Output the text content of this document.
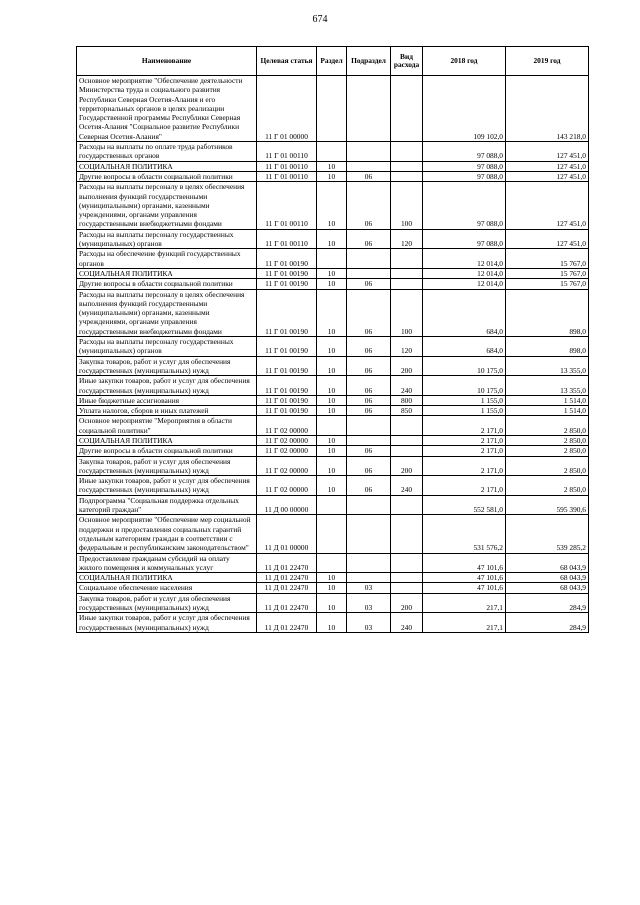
674
Наименование	Целевая статья	Раздел	Подраздел	Вид расхода	2018 год	2019 год
Основное мероприятие "Обеспечение деятельности Министерства труда и социального развития Республики Северная Осетия-Алания и его территориальных органов в целях реализации Государственной программы Республики Северная Осетия-Алания "Социальное развитие Республики Северная Осетия-Алания"	11 Г 01 00000				109 102,0	143 218,0
Расходы на выплаты по оплате труда работников государственных органов	11 Г 01 00110				97 088,0	127 451,0
СОЦИАЛЬНАЯ ПОЛИТИКА	11 Г 01 00110	10			97 088,0	127 451,0
Другие вопросы в области социальной политики	11 Г 01 00110	10	06		97 088,0	127 451,0
Расходы на выплаты персоналу в целях обеспечения выполнения функций государственными (муниципальными) органами, казенными учреждениями, органами управления государственными внебюджетными фондами	11 Г 01 00110	10	06	100	97 088,0	127 451,0
Расходы на выплаты персоналу государственных (муниципальных) органов	11 Г 01 00110	10	06	120	97 088,0	127 451,0
Расходы на обеспечение функций государственных органов	11 Г 01 00190				12 014,0	15 767,0
СОЦИАЛЬНАЯ ПОЛИТИКА	11 Г 01 00190	10			12 014,0	15 767,0
Другие вопросы в области социальной политики	11 Г 01 00190	10	06		12 014,0	15 767,0
Расходы на выплаты персоналу в целях обеспечения выполнения функций государственными (муниципальными) органами, казенными учреждениями, органами управления государственными внебюджетными фондами	11 Г 01 00190	10	06	100	684,0	898,0
Расходы на выплаты персоналу государственных (муниципальных) органов	11 Г 01 00190	10	06	120	684,0	898,0
Закупка товаров, работ и услуг для обеспечения государственных (муниципальных) нужд	11 Г 01 00190	10	06	200	10 175,0	13 355,0
Иные закупки товаров, работ и услуг для обеспечения государственных (муниципальных) нужд	11 Г 01 00190	10	06	240	10 175,0	13 355,0
Иные бюджетные ассигнования	11 Г 01 00190	10	06	800	1 155,0	1 514,0
Уплата налогов, сборов и иных платежей	11 Г 01 00190	10	06	850	1 155,0	1 514,0
Основное мероприятие "Мероприятия в области социальной политики"	11 Г 02 00000				2 171,0	2 850,0
СОЦИАЛЬНАЯ ПОЛИТИКА	11 Г 02 00000	10			2 171,0	2 850,0
Другие вопросы в области социальной политики	11 Г 02 00000	10	06		2 171,0	2 850,0
Закупка товаров, работ и услуг для обеспечения государственных (муниципальных) нужд	11 Г 02 00000	10	06	200	2 171,0	2 850,0
Иные закупки товаров, работ и услуг для обеспечения государственных (муниципальных) нужд	11 Г 02 00000	10	06	240	2 171,0	2 850,0
Подпрограмма "Социальная поддержка отдельных категорий граждан"	11 Д 00 00000				552 581,0	595 390,6
Основное мероприятие "Обеспечение мер социальной поддержки и предоставления социальных гарантий отдельным категориям граждан в соответствии с федеральным и республиканским законодательством"	11 Д 01 00000				531 576,2	539 285,2
Предоставление гражданам субсидий на оплату жилого помещения и коммунальных услуг	11 Д 01 22470				47 101,6	68 043,9
СОЦИАЛЬНАЯ ПОЛИТИКА	11 Д 01 22470	10			47 101,6	68 043,9
Социальное обеспечение населения	11 Д 01 22470	10	03		47 101,6	68 043,9
Закупка товаров, работ и услуг для обеспечения государственных (муниципальных) нужд	11 Д 01 22470	10	03	200	217,1	284,9
Иные закупки товаров, работ и услуг для обеспечения государственных (муниципальных) нужд	11 Д 01 22470	10	03	240	217,1	284,9
